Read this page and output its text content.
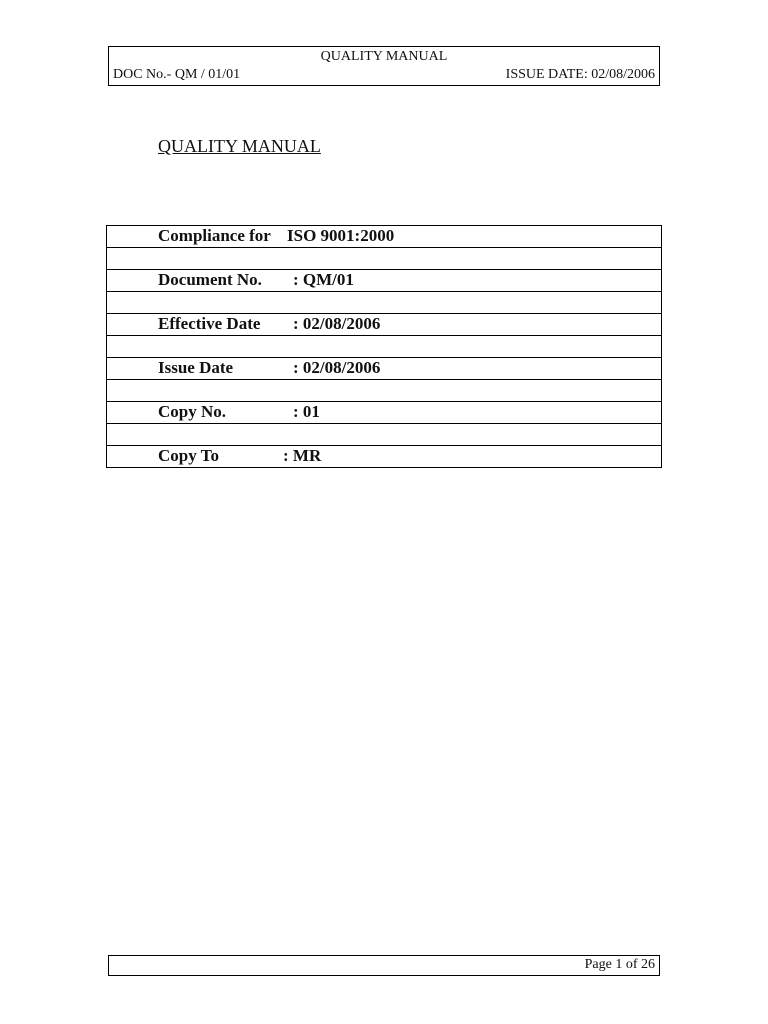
QUALITY MANUAL
DOC No.- QM / 01/01	ISSUE DATE: 02/08/2006
QUALITY MANUAL
Compliance for ISO 9001:2000

Document No. : QM/01

Effective Date : 02/08/2006

Issue Date	: 02/08/2006

Copy No.	: 01

Copy To	: MR
Page 1 of 26
